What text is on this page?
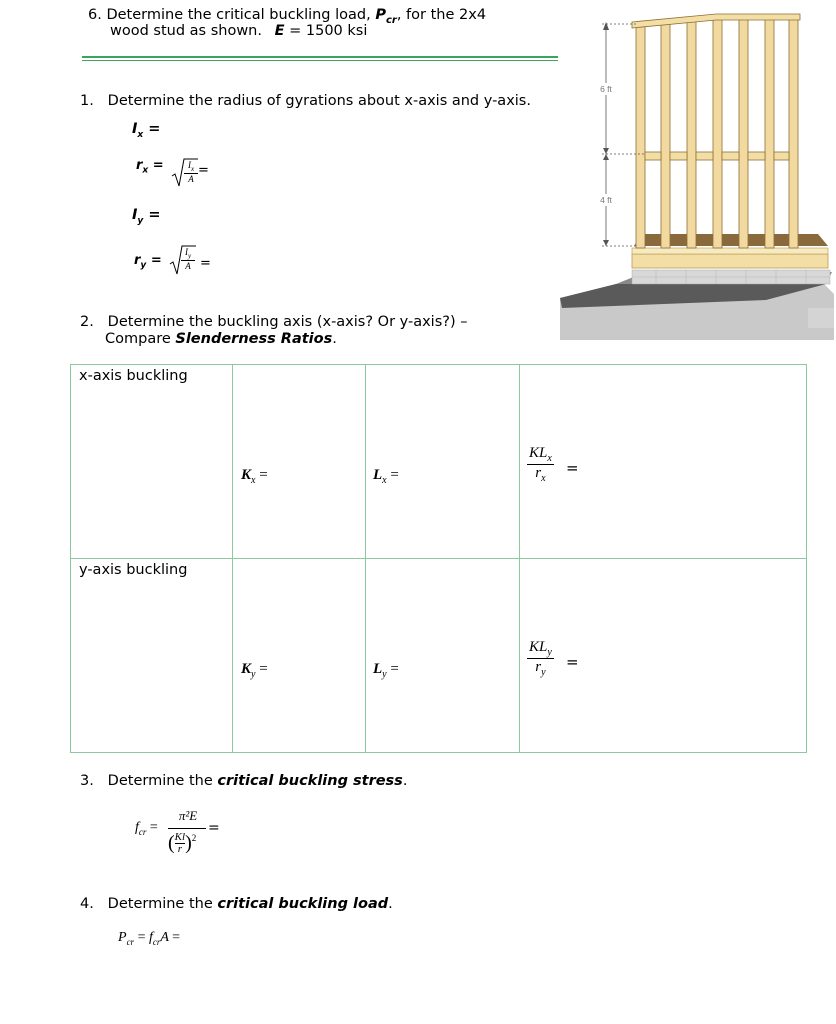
6. Determine the critical buckling load, $P_{cr}$, for the 2x4
wood stud as shown. E = 1500 ksi
6 ft
4 ft
1. Determine the radius of gyrations about x-axis and y-axis.
$I_x$ =
$r_x$ =	$I_x$
A
=
$I_y$ =
$r_y$ =
$I_y$
A =
2. Determine the buckling axis (x-axis? Or y-axis?) –
Compare Slenderness Ratios.
x-axis buckling	$K_x$ =	$L_x$ =	$KL_x$
$r_x$
=

y-axis buckling	$K_y$ =	$L_y$ =	$KL_y$
$r_y$
=
3. Determine the critical buckling stress.
$f_{cr}$ =
π²E
( $\frac{Kl}{r} )^2$
=
4. Determine the critical buckling load.
$P_{cr} = f_{cr}A$ =
